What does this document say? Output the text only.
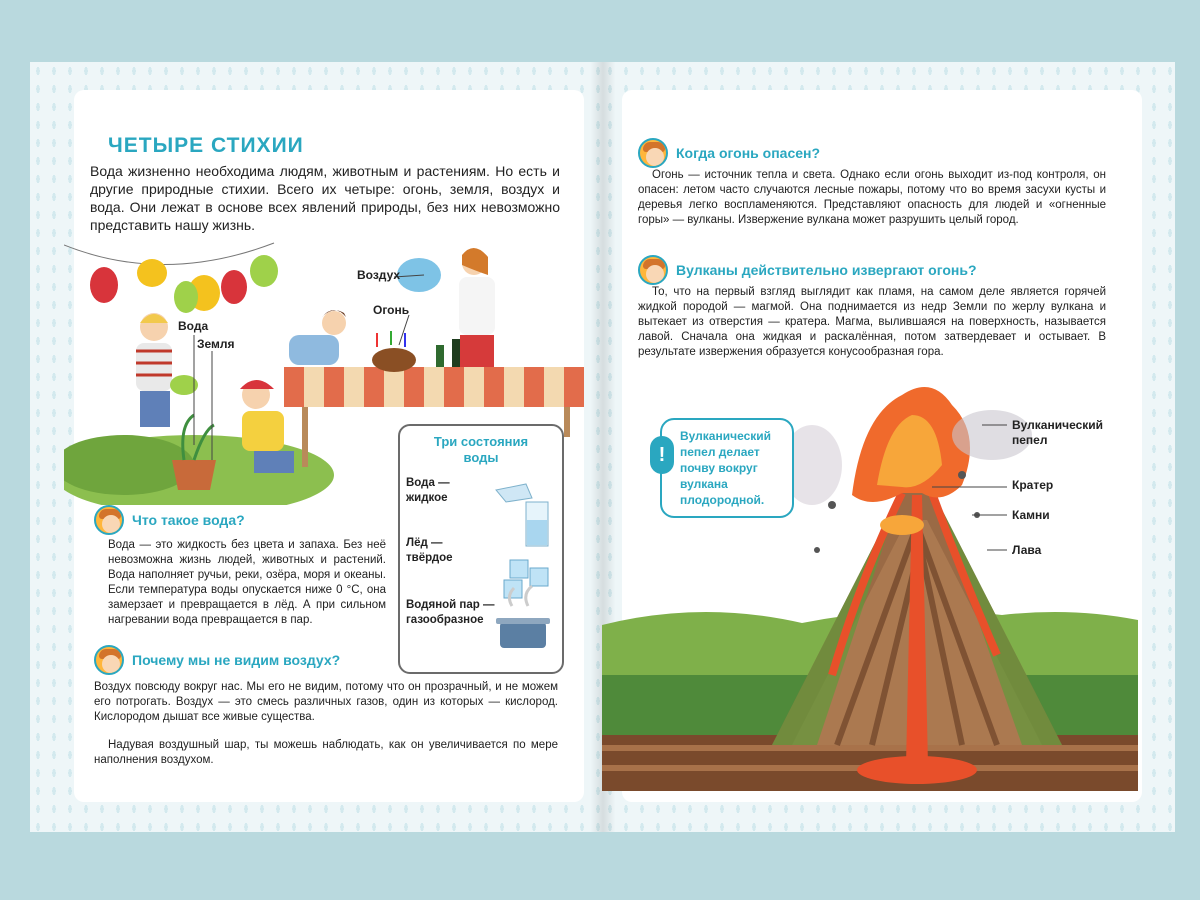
ЧЕТЫРЕ СТИХИИ
Вода жизненно необходима людям, животным и растениям. Но есть и другие природные стихии. Всего их четыре: огонь, земля, воздух и вода. Они лежат в основе всех явлений природы, без них невозможно представить нашу жизнь.
Воздух
Огонь
Вода
Земля
Что такое вода?
Вода — это жидкость без цвета и запаха. Без неё невозможна жизнь людей, животных и растений. Вода наполняет ручьи, реки, озёра, моря и океаны. Если температура воды опускается ниже 0 °С, она замерзает и превращается в лёд. А при сильном нагревании вода превращается в пар.
Почему мы не видим воздух?
Воздух повсюду вокруг нас. Мы его не видим, потому что он прозрачный, и не можем его потрогать. Воздух — это смесь различных газов, один из которых — кислород. Кислородом дышат все живые существа.
Надувая воздушный шар, ты можешь наблюдать, как он увеличивается по мере наполнения воздухом.
Три состояния воды
Вода — жидкое
Лёд — твёрдое
Водяной пар — газообразное
Когда огонь опасен?
Огонь — источник тепла и света. Однако если огонь выходит из-под контроля, он опасен: летом часто случаются лесные пожары, потому что во время засухи кусты и деревья легко воспламеняются. Представляют опасность для людей и «огненные горы» — вулканы. Извержение вулкана может разрушить целый город.
Вулканы действительно извергают огонь?
То, что на первый взгляд выглядит как пламя, на самом деле является горячей жидкой породой — магмой. Она поднимается из недр Земли по жерлу вулкана и вытекает из отверстия — кратера. Магма, вылившаяся на поверхность, называется лавой. Сначала она жидкая и раскалённая, потом затвердевает и остывает. В результате извержения образуется конусообразная гора.
Вулканический пепел
Кратер
Камни
Лава
!
Вулканический пепел делает почву вокруг вулкана плодородной.
